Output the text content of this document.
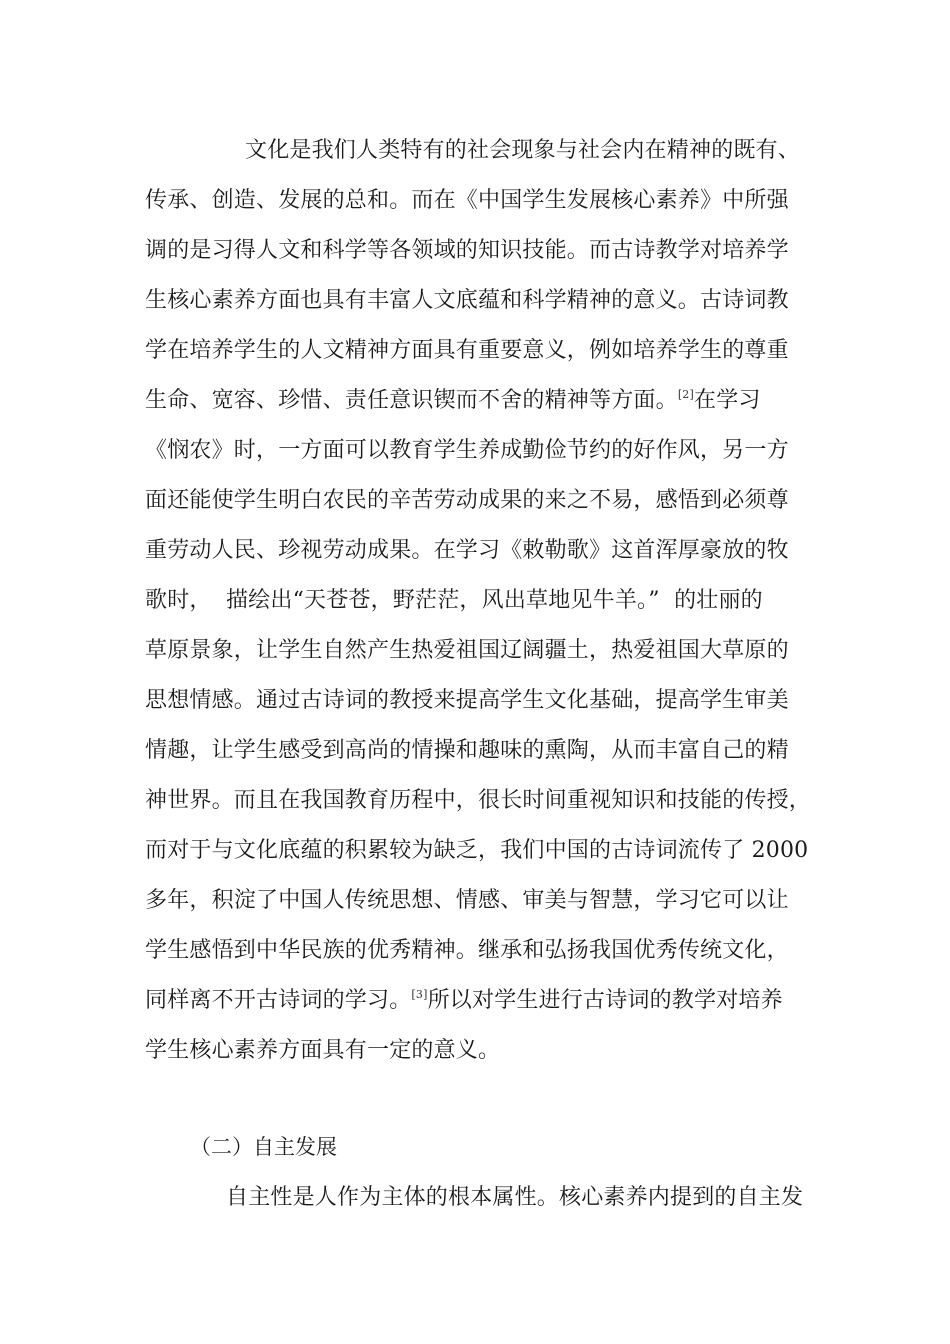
文化是我们人类特有的社会现象与社会内在精神的既有、
传承、创造、发展的总和。而在《中国学生发展核心素养》中所强
调的是习得人文和科学等各领域的知识技能。而古诗教学对培养学
生核心素养方面也具有丰富人文底蕴和科学精神的意义。古诗词教
学在培养学生的人文精神方面具有重要意义，例如培养学生的尊重
生命、宽容、珍惜、责任意识锲而不舍的精神等方面。[2]在学习
《悯农》时，一方面可以教育学生养成勤俭节约的好作风，另一方
面还能使学生明白农民的辛苦劳动成果的来之不易，感悟到必须尊
重劳动人民、珍视劳动成果。在学习《敕勒歌》这首浑厚豪放的牧
歌时，  描绘出“天苍苍，野茫茫，风出草地见牛羊。”  的壮丽的
草原景象，让学生自然产生热爱祖国辽阔疆土，热爱祖国大草原的
思想情感。通过古诗词的教授来提高学生文化基础，提高学生审美
情趣，让学生感受到高尚的情操和趣味的熏陶，从而丰富自己的精
神世界。而且在我国教育历程中，很长时间重视知识和技能的传授，
而对于与文化底蕴的积累较为缺乏，我们中国的古诗词流传了 2000
多年，积淀了中国人传统思想、情感、审美与智慧，学习它可以让
学生感悟到中华民族的优秀精神。继承和弘扬我国优秀传统文化，
同样离不开古诗词的学习。[3]所以对学生进行古诗词的教学对培养
学生核心素养方面具有一定的意义。
（二）自主发展
自主性是人作为主体的根本属性。核心素养内提到的自主发
